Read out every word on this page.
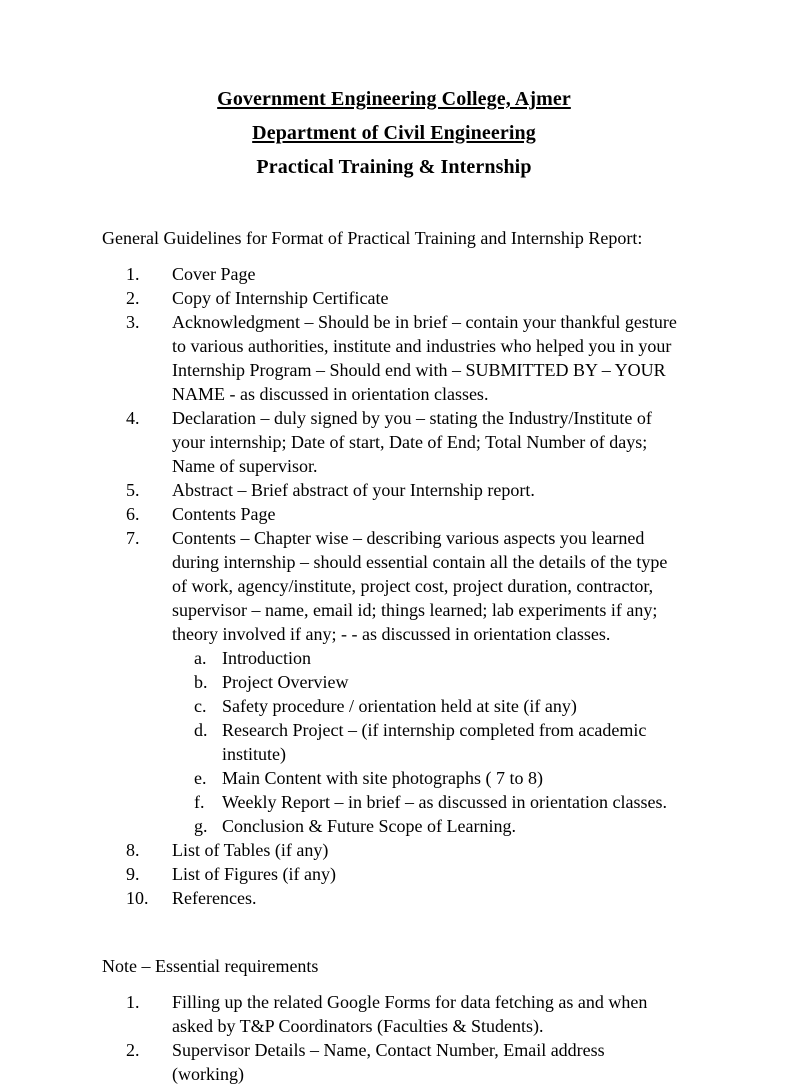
Government Engineering College, Ajmer
Department of Civil Engineering
Practical Training & Internship

General Guidelines for Format of Practical Training and Internship Report:

1.	Cover Page
2.	Copy of Internship Certificate
3.	Acknowledgment – Should be in brief – contain your thankful gesture to various authorities, institute and industries who helped you in your Internship Program – Should end with – SUBMITTED BY – YOUR NAME - as discussed in orientation classes.
4.	Declaration – duly signed by you – stating the Industry/Institute of your internship; Date of start, Date of End; Total Number of days; Name of supervisor.
5.	Abstract – Brief abstract of your Internship report.
6.	Contents Page
7.	Contents – Chapter wise – describing various aspects you learned during internship – should essential contain all the details of the type of work, agency/institute, project cost, project duration, contractor, supervisor – name, email id; things learned; lab experiments if any; theory involved if any; - - as discussed in orientation classes.
a. Introduction
b. Project Overview
c. Safety procedure / orientation held at site (if any)
d. Research Project – (if internship completed from academic institute)
e. Main Content with site photographs ( 7 to 8)
f. Weekly Report – in brief – as discussed in orientation classes.
g. Conclusion & Future Scope of Learning.
8.	List of Tables (if any)
9.	List of Figures (if any)
10.	References.

Note – Essential requirements

1.	Filling up the related Google Forms for data fetching as and when asked by T&P Coordinators (Faculties & Students).
2.	Supervisor Details – Name, Contact Number, Email address (working)
